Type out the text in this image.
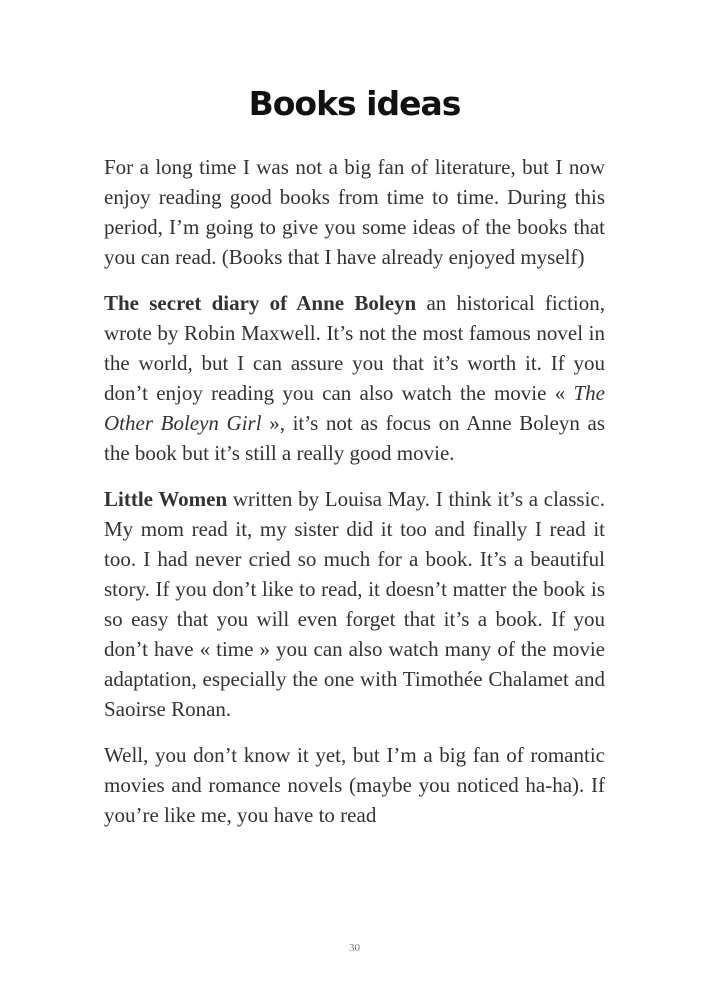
Books ideas

For a long time I was not a big fan of literature, but I now enjoy reading good books from time to time. During this period, I’m going to give you some ideas of the books that you can read. (Books that I have already enjoyed myself)

The secret diary of Anne Boleyn an historical fiction, wrote by Robin Maxwell. It’s not the most famous novel in the world, but I can assure you that it’s worth it. If you don’t enjoy reading you can also watch the movie « The Other Boleyn Girl », it’s not as focus on Anne Boleyn as the book but it’s still a really good movie.

Little Women written by Louisa May. I think it’s a classic. My mom read it, my sister did it too and finally I read it too. I had never cried so much for a book. It’s a beautiful story. If you don’t like to read, it doesn’t matter the book is so easy that you will even forget that it’s a book. If you don’t have « time » you can also watch many of the movie adaptation, especially the one with Timothée Chalamet and Saoirse Ronan.

Well, you don’t know it yet, but I’m a big fan of romantic movies and romance novels (maybe you noticed ha-ha). If you’re like me, you have to read

30
